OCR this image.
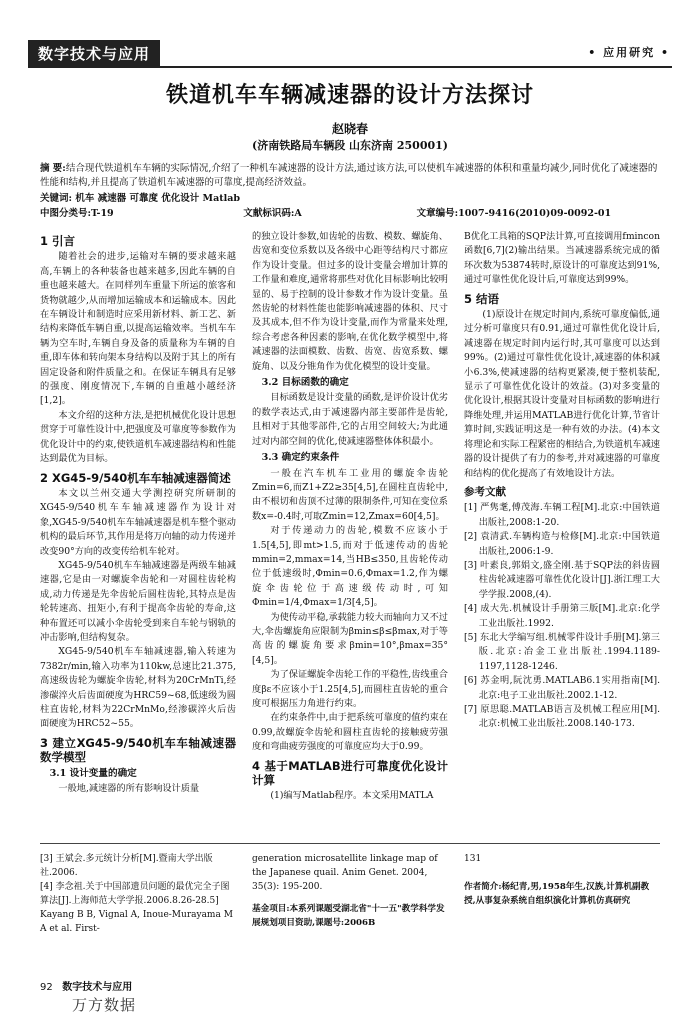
数字技术与应用	• 应用研究 •
铁道机车车辆减速器的设计方法探讨
赵晓春
(济南铁路局车辆段 山东济南 250001)
摘 要:结合现代铁道机车车辆的实际情况,介绍了一种机车减速器的设计方法,通过该方法,可以使机车减速器的体积和重量均减少,同时优化了减速器的性能和结构,并且提高了铁道机车减速器的可靠度,提高经济效益。
关键词: 机车 减速器 可靠度 优化设计 Matlab
中图分类号:T-19	文献标识码:A	文章编号:1007-9416(2010)09-0092-01
1 引言

随着社会的进步,运输对车辆的要求越来越高,车辆上的各种装备也越来越多,因此车辆的自重也越来越大。在同样列车重量下所运的旅客和货物就越少,从而增加运输成本和运输成本。因此在车辆设计和制造时应采用新材料、新工艺、新结构来降低车辆自重,以提高运输效率。当机车车辆为空车时,车辆自身及备的质量称为车辆的自重,即车体和转向架本身结构以及附于其上的所有固定设备和附件质量之和。在保证车辆具有足够的强度、刚度情况下,车辆的自重越小越经济[1,2]。

本文介绍的这种方法,是把机械优化设计思想贯穿于可靠性设计中,把强度及可靠度等参数作为优化设计中的约束,使铁道机车减速器结构和性能达到最优为目标。

2 XG45-9/540机车车轴减速器简述

本文以兰州交通大学测控研究所研制的XG45-9/540机车车轴减速器作为设计对象,XG45-9/540机车车轴减速器是机车整个驱动机构的最后环节,其作用是将万向轴的动力传递并改变90°方向的改变传给机车轮对。

XG45-9/540机车车轴减速器是两级车轴减速器,它是由一对螺旋伞齿轮和一对圆柱齿轮构成,动力传递是先伞齿轮后圆柱齿轮,其特点是齿轮转速高、扭矩小,有利于提高伞齿轮的寿命,这种布置还可以减小伞齿轮受到来自车轮与钢轨的冲击影响,但结构复杂。

XG45-9/540机车车轴减速器,输入转速为7382r/min,输入功率为110kw,总速比21.375,高速级齿轮为螺旋伞齿轮,材料为20CrMnTi,经渗碳淬火后齿面硬度为HRC59~68,低速级为圆柱直齿轮,材料为22CrMnMo,经渗碳淬火后齿面硬度为HRC52~55。

3 建立XG45-9/540机车车轴减速器数学模型
3.1 设计变量的确定

一般地,减速器的所有影响设计质量

的独立设计参数,如齿轮的齿数、模数、螺旋角、齿宽和变位系数以及各级中心距等结构尺寸都应作为设计变量。但过多的设计变量会增加计算的工作量和难度,通常将那些对优化目标影响比较明显的、易于控制的设计参数才作为设计变量。虽然齿轮的材料性能也能影响减速器的体积、尺寸及其成本,但不作为设计变量,而作为常量来处理,综合考虑各种因素的影响,在优化数学模型中,将减速器的法面模数、齿数、齿宽、齿宽系数、螺旋角、以及分锥角作为优化模型的设计变量。

3.2 目标函数的确定

目标函数是设计变量的函数,是评价设计优劣的数学表达式,由于减速器内部主要部件是齿轮,且相对于其他零部件,它的占用空间较大;为此通过对内部空间的优化,使减速器整体体积最小。

3.3 确定约束条件

一般在汽车机车工业用的螺旋伞齿轮Zmin=6,而Z1+Z2≥35[4,5],在圆柱直齿轮中,由不根切和齿顶不过薄的限制条件,可知在变位系数x=-0.4时,可取Zmin=12,Zmax=60[4,5]。

对于传递动力的齿轮,模数不应该小于1.5[4,5],即mt>1.5,而对于低速传动的齿轮mmin=2,mmax=14,当HB≤350,且齿轮传动位于低速级时,Φmin=0.6,Φmax=1.2,作为螺旋伞齿轮位于高速级传动时,可知Φmin=1/4,Φmax=1/3[4,5]。

为使传动平稳,承载能力较大而轴向力又不过大,伞齿螺旋角应限制为βmin≤β≤βmax,对于等高齿的螺旋角要求βmin=10°,βmax=35°[4,5]。

为了保证螺旋伞齿轮工作的平稳性,齿线重合度βε不应该小于1.25[4,5],而圆柱直齿轮的重合度可根据压力角进行约束。

在约束条件中,由于把系统可靠度的值约束在0.99,故螺旋伞齿轮和圆柱直齿轮的接触疲劳强度和弯曲疲劳强度的可靠度应均大于0.99。

4 基于MATLAB进行可靠度优化设计计算

(1)编写Matlab程序。本文采用MATLA

B优化工具箱的SQP法计算,可直接调用fmincon函数[6,7](2)输出结果。当减速器系统完成的循环次数为53874转时,原设计的可靠度达到91%,通过可靠性优化设计后,可靠度达到99%。

5 结语

(1)原设计在规定时间内,系统可靠度偏低,通过分析可靠度只有0.91,通过可靠性优化设计后,减速器在规定时间内运行时,其可靠度可以达到99%。(2)通过可靠性优化设计,减速器的体积减小6.3%,使减速器的结构更紧凑,便于整机装配,显示了可靠性优化设计的效益。(3)对多变量的优化设计,根据其设计变量对目标函数的影响进行降维处理,并运用MATLAB进行优化计算,节省计算时间,实践证明这是一种有效的办法。(4)本文将理论和实际工程紧密的相结合,为铁道机车减速器的设计提供了有力的参考,并对减速器的可靠度和结构的优化提高了有效地设计方法。

参考文献
[1] 严隽耄,傅茂海.车辆工程[M].北京:中国铁道出版社,2008:1-20.
[2] 袁清武.车辆构造与检修[M].北京:中国铁道出版社,2006:1-9.
[3] 叶素良,郭娟文,盛全刚.基于SQP法的斜齿圆柱齿轮减速器可靠性优化设计[J].浙江理工大学学报.2008,(4).
[4] 成大先.机械设计手册第三版[M].北京:化学工业出版社.1992.
[5] 东北大学编写组.机械零件设计手册[M].第三版.北京:冶金工业出版社.1994.1189-1197,1128-1246.
[6] 苏金明,阮沈勇.MATLAB6.1实用指南[M].北京:电子工业出版社.2002.1-12.
[7] 原思聪.MATLAB语言及机械工程应用[M].北京:机械工业出版社.2008.140-173.
[3] 王斌会.多元统计分析[M].暨南大学出版社.2006.
[4] 李念祖.关于中国部遗员问题的最优完全子图算法[J].上海师范大学学报.2006.8.26-28.5] Kayang B B, Vignal A, Inoue-Murayama M A et al. First-
generation microsatellite linkage map of the Japanese quail. Anim Genet. 2004, 35(3): 195-200.
基金项目:本系列课题受湖北省"十一五"教学科学发展规划项目资助,课题号:2006B
131
作者简介:杨纪青,男,1958年生,汉族,计算机副教授,从事复杂系统自组织演化计算机仿真研究
92 数字技术与应用
万方数据
